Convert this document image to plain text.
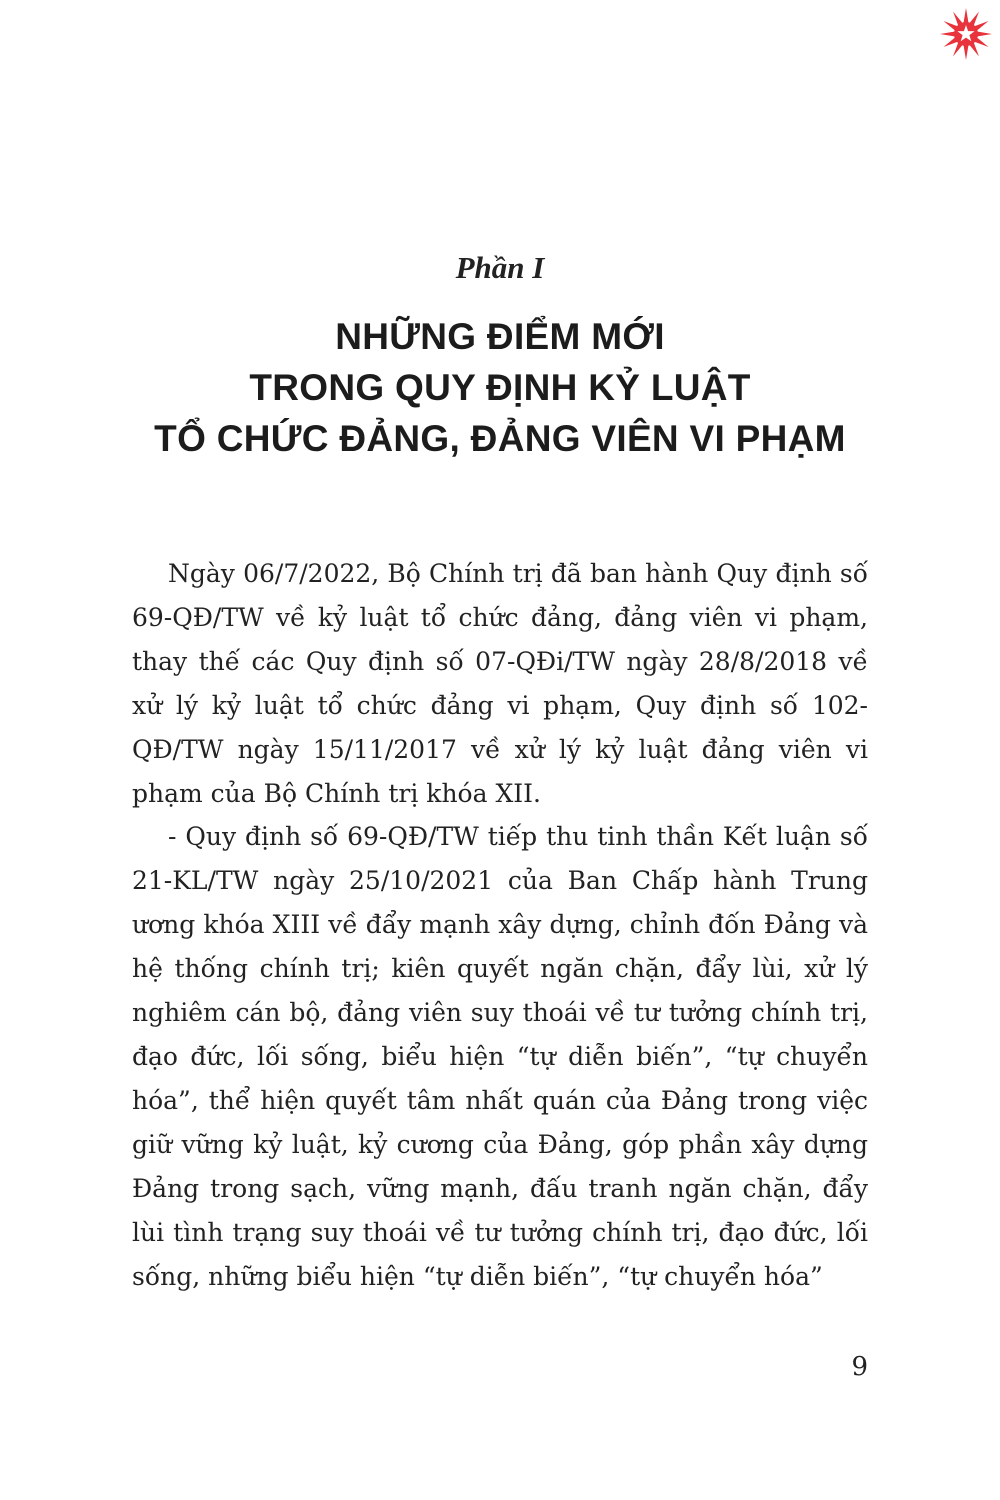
Phần I
NHỮNG ĐIỂM MỚI
TRONG QUY ĐỊNH KỶ LUẬT
TỔ CHỨC ĐẢNG, ĐẢNG VIÊN VI PHẠM

Ngày 06/7/2022, Bộ Chính trị đã ban hành Quy định số 69-QĐ/TW về kỷ luật tổ chức đảng, đảng viên vi phạm, thay thế các Quy định số 07-QĐi/TW ngày 28/8/2018 về xử lý kỷ luật tổ chức đảng vi phạm, Quy định số 102-QĐ/TW ngày 15/11/2017 về xử lý kỷ luật đảng viên vi phạm của Bộ Chính trị khóa XII.

- Quy định số 69-QĐ/TW tiếp thu tinh thần Kết luận số 21-KL/TW ngày 25/10/2021 của Ban Chấp hành Trung ương khóa XIII về đẩy mạnh xây dựng, chỉnh đốn Đảng và hệ thống chính trị; kiên quyết ngăn chặn, đẩy lùi, xử lý nghiêm cán bộ, đảng viên suy thoái về tư tưởng chính trị, đạo đức, lối sống, biểu hiện “tự diễn biến”, “tự chuyển hóa”, thể hiện quyết tâm nhất quán của Đảng trong việc giữ vững kỷ luật, kỷ cương của Đảng, góp phần xây dựng Đảng trong sạch, vững mạnh, đấu tranh ngăn chặn, đẩy lùi tình trạng suy thoái về tư tưởng chính trị, đạo đức, lối sống, những biểu hiện “tự diễn biến”, “tự chuyển hóa”

9
